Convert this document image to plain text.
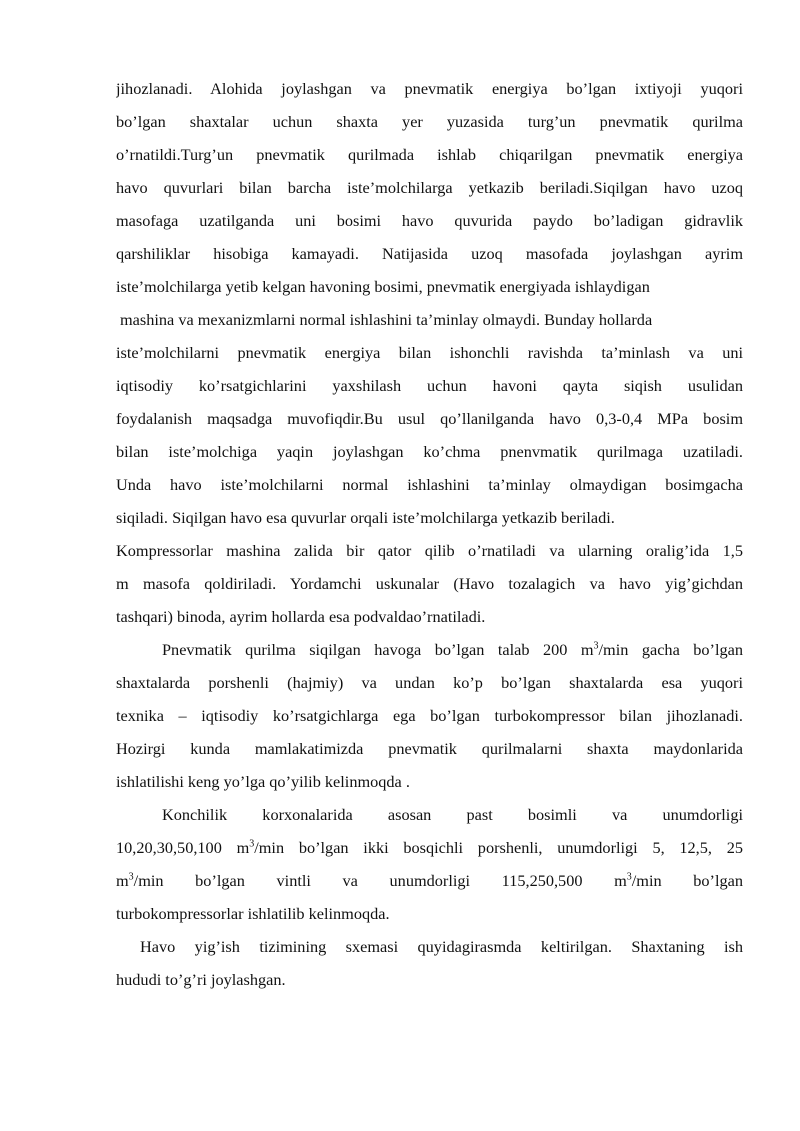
jihozlanadi. Alohida joylashgan va pnevmatik energiya bo’lgan ixtiyoji yuqori
bo’lgan shaxtalar uchun shaxta yer yuzasida turg’un pnevmatik qurilma
o’rnatildi.Turg’un pnevmatik qurilmada ishlab chiqarilgan pnevmatik energiya
havo quvurlari bilan barcha iste’molchilarga yetkazib beriladi.Siqilgan havo uzoq
masofaga uzatilganda uni bosimi havo quvurida paydo bo’ladigan gidravlik
qarshiliklar hisobiga kamayadi. Natijasida uzoq masofada joylashgan ayrim
iste’molchilarga yetib kelgan havoning bosimi, pnevmatik energiyada ishlaydigan
mashina va mexanizmlarni normal ishlashini ta’minlay olmaydi. Bunday hollarda
iste’molchilarni pnevmatik energiya bilan ishonchli ravishda ta’minlash va uni
iqtisodiy ko’rsatgichlarini yaxshilash uchun havoni qayta siqish usulidan
foydalanish maqsadga muvofiqdir.Bu usul qo’llanilganda havo 0,3-0,4 MPa bosim
bilan iste’molchiga yaqin joylashgan ko’chma pnenvmatik qurilmaga uzatiladi.
Unda havo iste’molchilarni normal ishlashini ta’minlay olmaydigan bosimgacha
siqiladi. Siqilgan havo esa quvurlar orqali iste’molchilarga yetkazib beriladi.
Kompressorlar mashina zalida bir qator qilib o’rnatiladi va ularning oralig’ida 1,5
m masofa qoldiriladi. Yordamchi uskunalar (Havo tozalagich va havo yig’gichdan
tashqari) binoda, ayrim hollarda esa podvaldao’rnatiladi.
Pnevmatik qurilma siqilgan havoga bo’lgan talab 200 $m^3/\min$ gacha bo’lgan
shaxtalarda porshenli (hajmiy) va undan ko’p bo’lgan shaxtalarda esa yuqori
texnika – iqtisodiy ko’rsatgichlarga ega bo’lgan turbokompressor bilan jihozlanadi.
Hozirgi kunda mamlakatimizda pnevmatik qurilmalarni shaxta maydonlarida
ishlatilishi keng yo’lga qo’yilib kelinmoqda .
Konchilik korxonalarida asosan past bosimli va unumdorligi
10,20,30,50,100 $m^3/\min$ bo’lgan ikki bosqichli porshenli, unumdorligi 5, 12,5, 25
$m^3/\min$ bo’lgan vintli va unumdorligi 115,250,500 $m^3/\min$ bo’lgan
turbokompressorlar ishlatilib kelinmoqda.
Havo yig’ish tizimining sxemasi quyidagirasmda keltirilgan. Shaxtaning ish
hududi to’g’ri joylashgan.
